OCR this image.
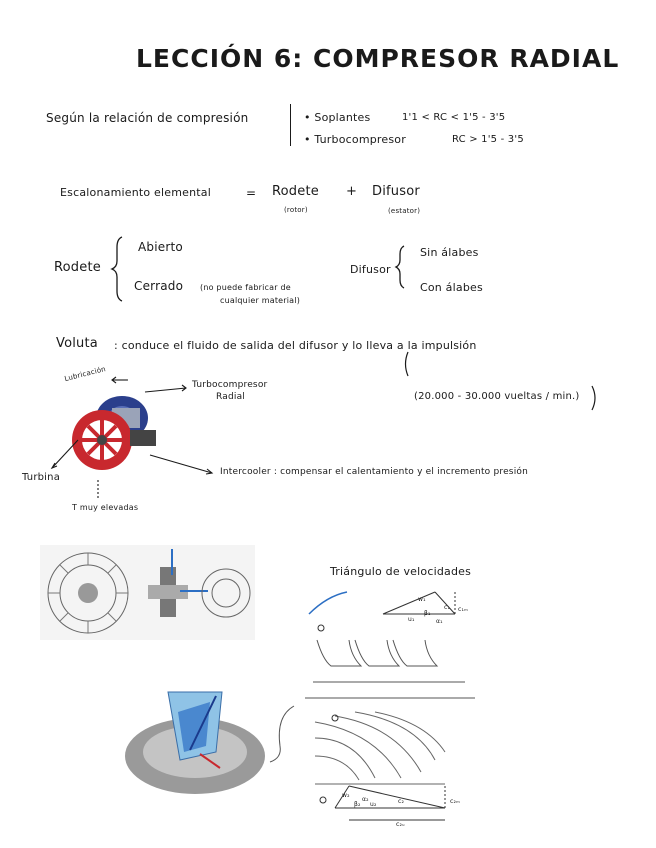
LECCIÓN 6: COMPRESOR RADIAL
Según la relación de compresión	• Soplantes	1'1 < RC < 1'5 - 3'5
• Turbocompresor	RC > 1'5 - 3'5
Escalonamiento elemental	= Rodete
(rotor)
+ Difusor
(estator)
Rodete
Abierto
Cerrado (no puede fabricar de
cualquier material)
Difusor
Sin álabes
Con álabes
Voluta : conduce el fluido de salida del difusor y lo lleva a la impulsión
Lubricación
Turbocompresor
Radial	(20.000 - 30.000 vueltas / min.)
Turbina
T muy elevadas
Intercooler : compensar el calentamiento y el incremento presión
Triángulo de velocidades
w₁
c₁
u₁
β₁
α₁
c₁ₘ
w₂
c₂
u₂
β₂
α₂	c₂ₘ
c₂ᵤ
